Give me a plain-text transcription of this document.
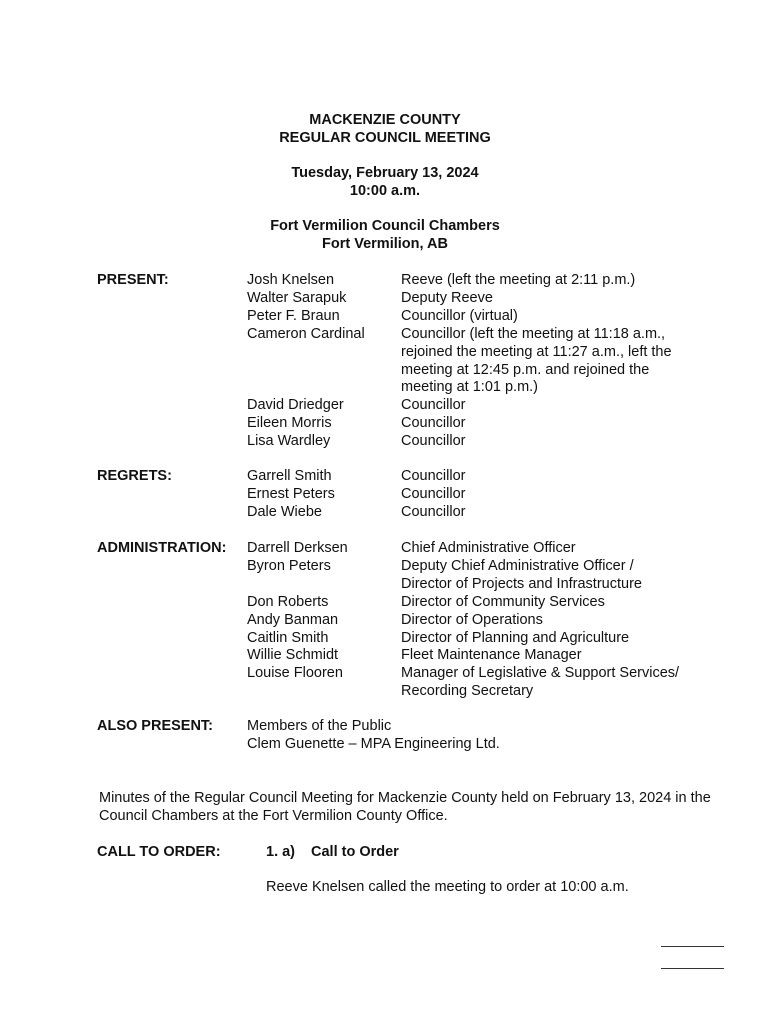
MACKENZIE COUNTY
REGULAR COUNCIL MEETING
Tuesday, February 13, 2024
10:00 a.m.
Fort Vermilion Council Chambers
Fort Vermilion, AB
PRESENT:	Josh Knelsen	Reeve (left the meeting at 2:11 p.m.)
Walter Sarapuk	Deputy Reeve
Peter F. Braun	Councillor (virtual)
Cameron Cardinal	Councillor (left the meeting at 11:18 a.m., rejoined the meeting at 11:27 a.m., left the meeting at 12:45 p.m. and rejoined the meeting at 1:01 p.m.)
David Driedger	Councillor
Eileen Morris	Councillor
Lisa Wardley	Councillor
REGRETS:	Garrell Smith	Councillor
Ernest Peters	Councillor
Dale Wiebe	Councillor
ADMINISTRATION: Darrell Derksen	Chief Administrative Officer
Byron Peters	Deputy Chief Administrative Officer / Director of Projects and Infrastructure
Don Roberts	Director of Community Services
Andy Banman	Director of Operations
Caitlin Smith	Director of Planning and Agriculture
Willie Schmidt	Fleet Maintenance Manager
Louise Flooren	Manager of Legislative & Support Services/ Recording Secretary
ALSO PRESENT: Members of the Public
Clem Guenette – MPA Engineering Ltd.
Minutes of the Regular Council Meeting for Mackenzie County held on February 13, 2024 in the Council Chambers at the Fort Vermilion County Office.
CALL TO ORDER:	1. a) Call to Order
Reeve Knelsen called the meeting to order at 10:00 a.m.
